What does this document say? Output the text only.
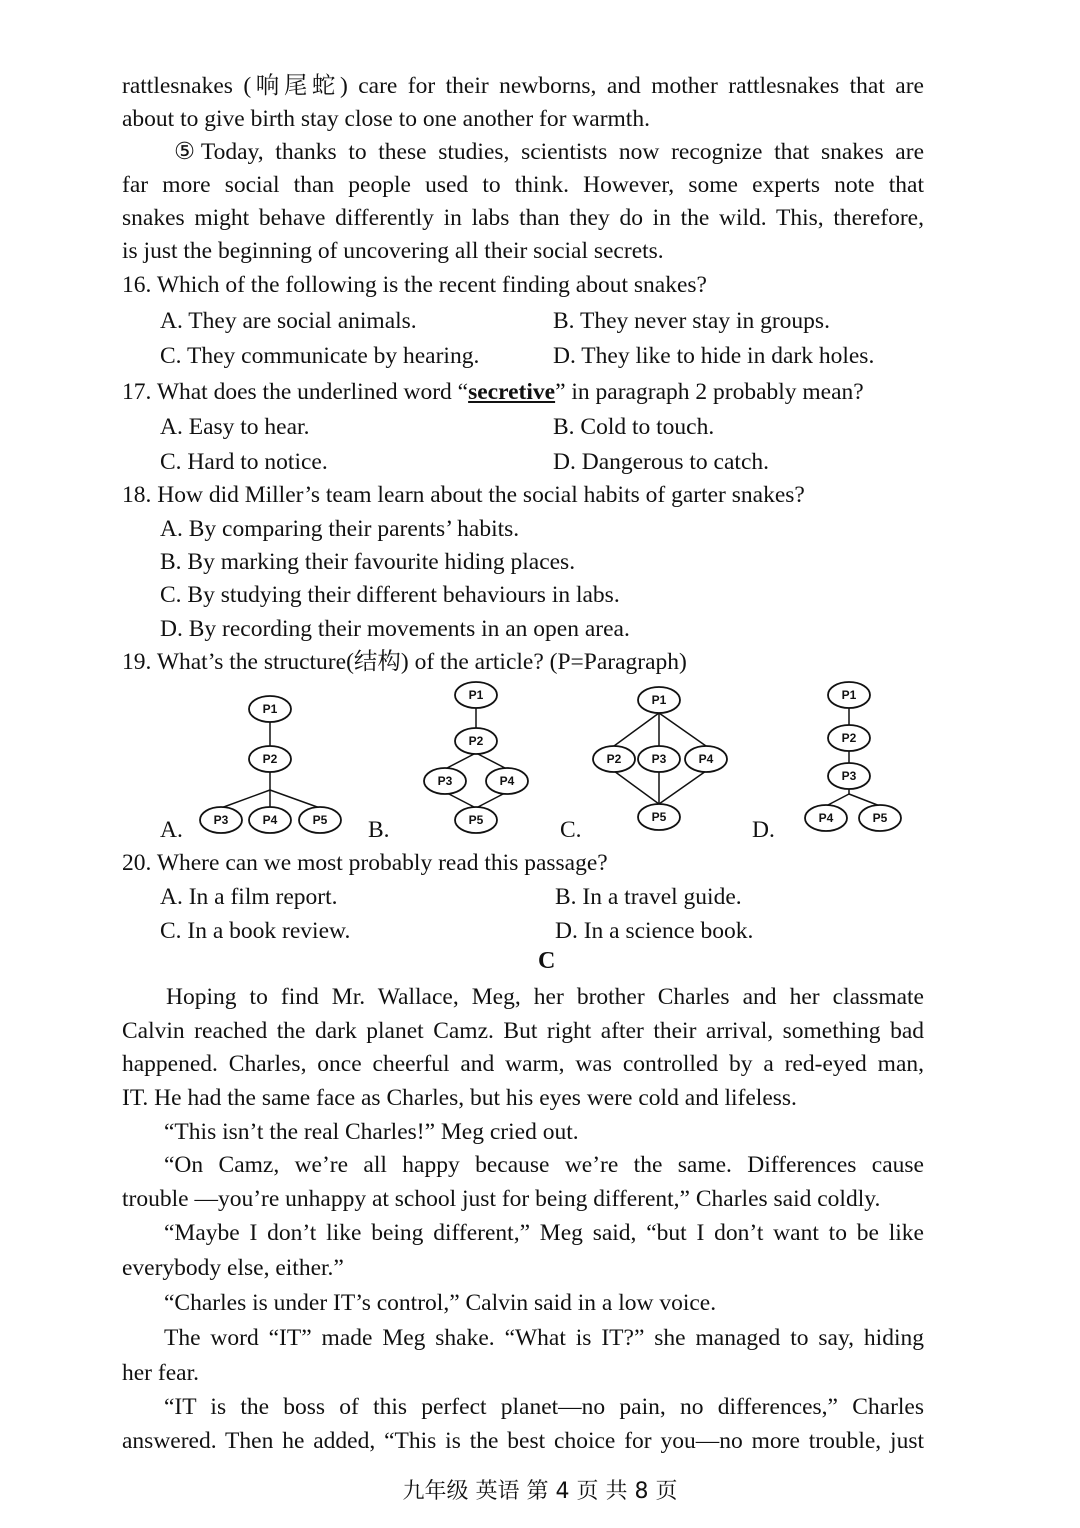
rattlesnakes (响尾蛇) care for their newborns, and mother rattlesnakes that are
about to give birth stay close to one another for warmth.
⑤Today, thanks to these studies, scientists now recognize that snakes are
far more social than people used to think. However, some experts note that
snakes might behave differently in labs than they do in the wild. This, therefore,
is just the beginning of uncovering all their social secrets.
16. Which of the following is the recent finding about snakes?
A. They are social animals.	B. They never stay in groups.
C. They communicate by hearing.	D. They like to hide in dark holes.
17. What does the underlined word “secretive” in paragraph 2 probably mean?
A. Easy to hear.	B. Cold to touch.
C. Hard to notice.	D. Dangerous to catch.
18. How did Miller’s team learn about the social habits of garter snakes?
A. By comparing their parents’ habits.
B. By marking their favourite hiding places.
C. By studying their different behaviours in labs.
D. By recording their movements in an open area.
19. What’s the structure(结构) of the article? (P=Paragraph)
A.	B.	C.	D.
P1
P2
P3	P4	P5
P1
P2
P3	P4
P5
P1
P2	P3	P4
P5
P1
P2
P3
P4	P5
20. Where can we most probably read this passage?
A. In a film report.	B. In a travel guide.
C. In a book review.	D. In a science book.
C
Hoping to find Mr. Wallace, Meg, her brother Charles and her classmate
Calvin reached the dark planet Camz. But right after their arrival, something bad
happened. Charles, once cheerful and warm, was controlled by a red-eyed man,
IT. He had the same face as Charles, but his eyes were cold and lifeless.
“This isn’t the real Charles!” Meg cried out.
“On Camz, we’re all happy because we’re the same. Differences cause
trouble —you’re unhappy at school just for being different,” Charles said coldly.
“Maybe I don’t like being different,” Meg said, “but I don’t want to be like
everybody else, either.”
“Charles is under IT’s control,” Calvin said in a low voice.
The word “IT” made Meg shake. “What is IT?” she managed to say, hiding
her fear.
“IT is the boss of this perfect planet—no pain, no differences,” Charles
answered. Then he added, “This is the best choice for you—no more trouble, just
九年级 英语 第 4 页 共 8 页
